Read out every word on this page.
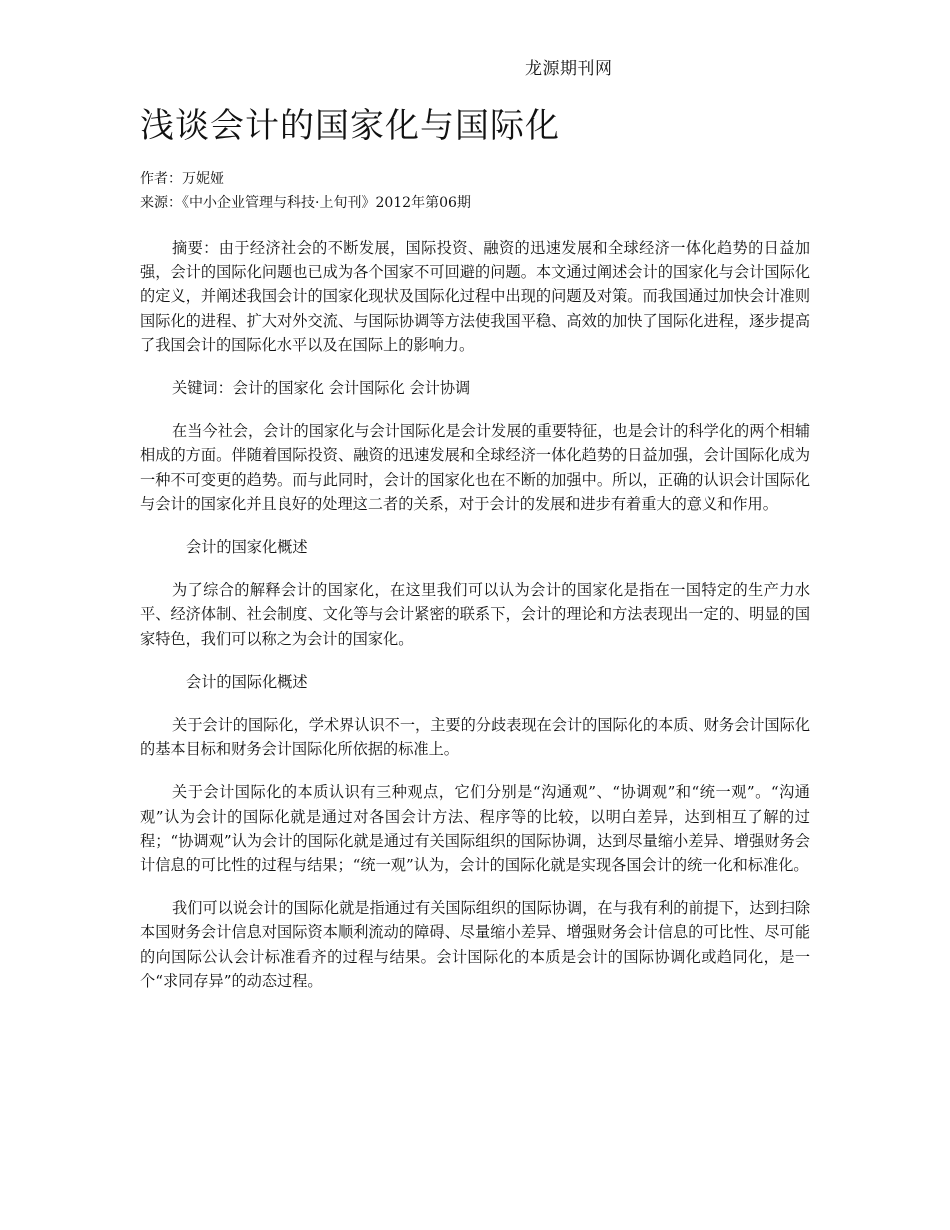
龙源期刊网
浅谈会计的国家化与国际化
作者：万妮娅
来源：《中小企业管理与科技·上旬刊》2012年第06期

摘要：由于经济社会的不断发展，国际投资、融资的迅速发展和全球经济一体化趋势的日益加强，会计的国际化问题也已成为各个国家不可回避的问题。本文通过阐述会计的国家化与会计国际化的定义，并阐述我国会计的国家化现状及国际化过程中出现的问题及对策。而我国通过加快会计准则国际化的进程、扩大对外交流、与国际协调等方法使我国平稳、高效的加快了国际化进程，逐步提高了我国会计的国际化水平以及在国际上的影响力。

关键词：会计的国家化 会计国际化 会计协调

在当今社会，会计的国家化与会计国际化是会计发展的重要特征，也是会计的科学化的两个相辅相成的方面。伴随着国际投资、融资的迅速发展和全球经济一体化趋势的日益加强，会计国际化成为一种不可变更的趋势。而与此同时，会计的国家化也在不断的加强中。所以，正确的认识会计国际化与会计的国家化并且良好的处理这二者的关系，对于会计的发展和进步有着重大的意义和作用。

会计的国家化概述

为了综合的解释会计的国家化，在这里我们可以认为会计的国家化是指在一国特定的生产力水平、经济体制、社会制度、文化等与会计紧密的联系下，会计的理论和方法表现出一定的、明显的国家特色，我们可以称之为会计的国家化。

会计的国际化概述

关于会计的国际化，学术界认识不一，主要的分歧表现在会计的国际化的本质、财务会计国际化的基本目标和财务会计国际化所依据的标准上。

关于会计国际化的本质认识有三种观点，它们分别是“沟通观”、“协调观”和“统一观”。“沟通观”认为会计的国际化就是通过对各国会计方法、程序等的比较，以明白差异，达到相互了解的过程；“协调观”认为会计的国际化就是通过有关国际组织的国际协调，达到尽量缩小差异、增强财务会计信息的可比性的过程与结果；“统一观”认为，会计的国际化就是实现各国会计的统一化和标准化。

我们可以说会计的国际化就是指通过有关国际组织的国际协调，在与我有利的前提下，达到扫除本国财务会计信息对国际资本顺利流动的障碍、尽量缩小差异、增强财务会计信息的可比性、尽可能的向国际公认会计标准看齐的过程与结果。会计国际化的本质是会计的国际协调化或趋同化，是一个“求同存异”的动态过程。
